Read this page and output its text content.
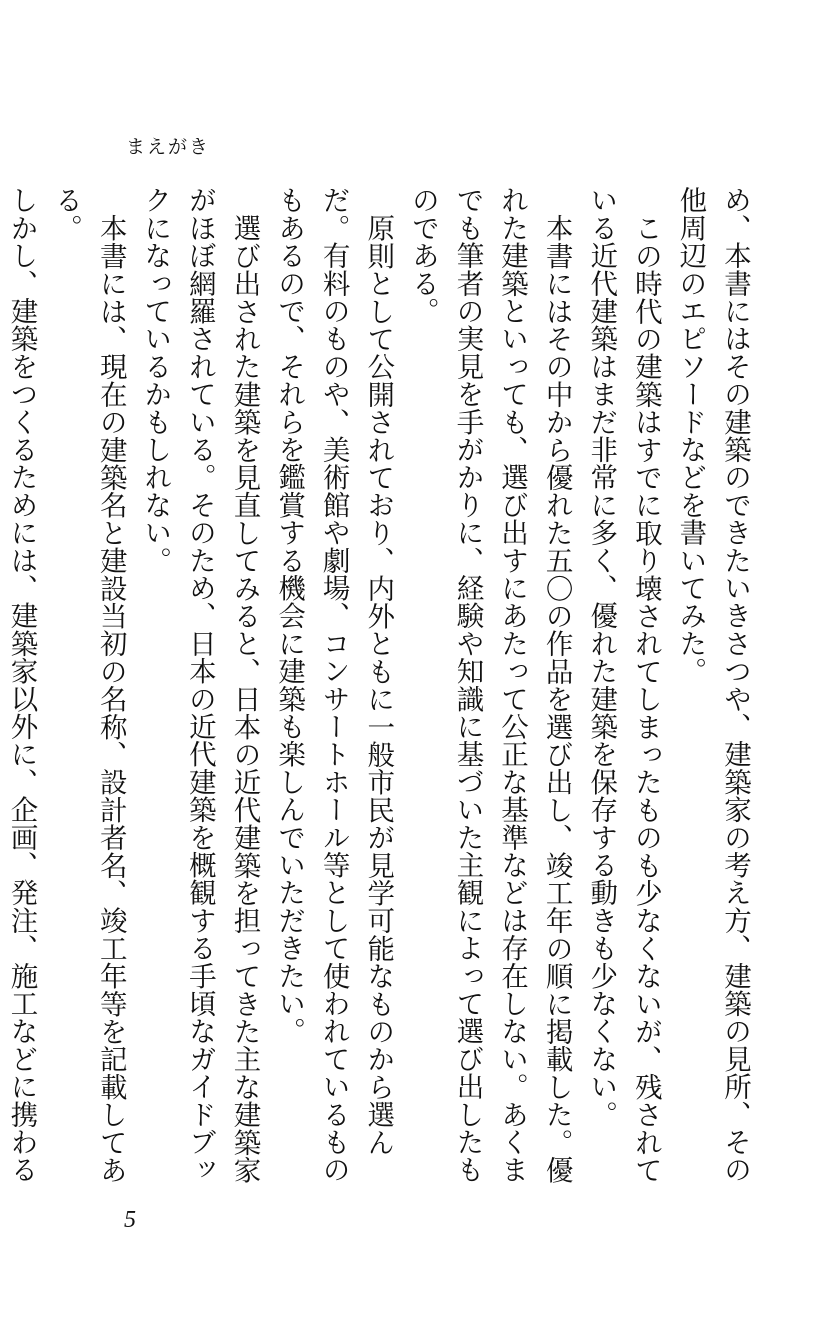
まえがき

め、本書にはその建築のできたいきさつや、建築家の考え方、建築の見所、その他周辺のエピソードなどを書いてみた。

この時代の建築はすでに取り壊されてしまったものも少なくないが、残されている近代建築はまだ非常に多く、優れた建築を保存する動きも少なくない。

本書にはその中から優れた五〇の作品を選び出し、竣工年の順に掲載した。優れた建築といっても、選び出すにあたって公正な基準などは存在しない。あくまでも筆者の実見を手がかりに、経験や知識に基づいた主観によって選び出したものである。

原則として公開されており、内外ともに一般市民が見学可能なものから選んだ。有料のものや、美術館や劇場、コンサートホール等として使われているものもあるので、それらを鑑賞する機会に建築も楽しんでいただきたい。

選び出された建築を見直してみると、日本の近代建築を担ってきた主な建築家がほぼ網羅されている。そのため、日本の近代建築を概観する手頃なガイドブックになっているかもしれない。

本書には、現在の建築名と建設当初の名称、設計者名、竣工年等を記載してある。

しかし、建築をつくるためには、建築家以外に、企画、発注、施工などに携わる

5
